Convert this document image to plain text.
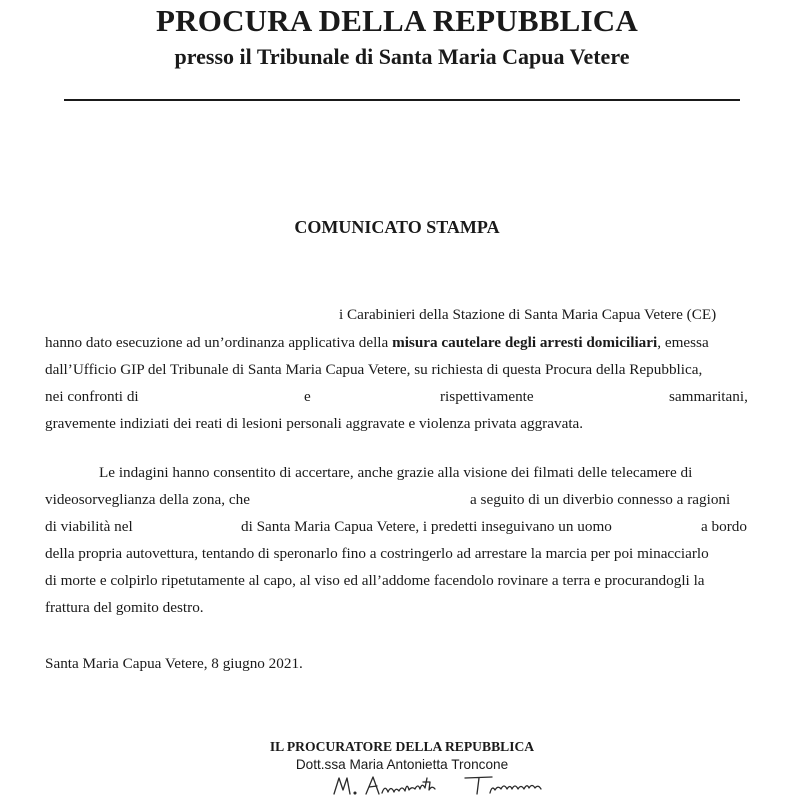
PROCURA DELLA REPUBBLICA
presso il Tribunale di Santa Maria Capua Vetere
COMUNICATO STAMPA
i Carabinieri della Stazione di Santa Maria Capua Vetere (CE)
hanno dato esecuzione ad un’ordinanza applicativa della misura cautelare degli arresti domiciliari, emessa
dall’Ufficio GIP del Tribunale di Santa Maria Capua Vetere, su richiesta di questa Procura della Repubblica,
nei confronti di	e	rispettivamente	sammaritani,
gravemente indiziati dei reati di lesioni personali aggravate e violenza privata aggravata.
Le indagini hanno consentito di accertare, anche grazie alla visione dei filmati delle telecamere di
videosorveglianza della zona, che	a seguito di un diverbio connesso a ragioni
di viabilità nel	di Santa Maria Capua Vetere, i predetti inseguivano un uomo	a bordo
della propria autovettura, tentando di speronarlo fino a costringerlo ad arrestare la marcia per poi minacciarlo
di morte e colpirlo ripetutamente al capo, al viso ed all’addome facendolo rovinare a terra e procurandogli la
frattura del gomito destro.
Santa Maria Capua Vetere, 8 giugno 2021.
IL PROCURATORE DELLA REPUBBLICA
Dott.ssa Maria Antonietta Troncone
